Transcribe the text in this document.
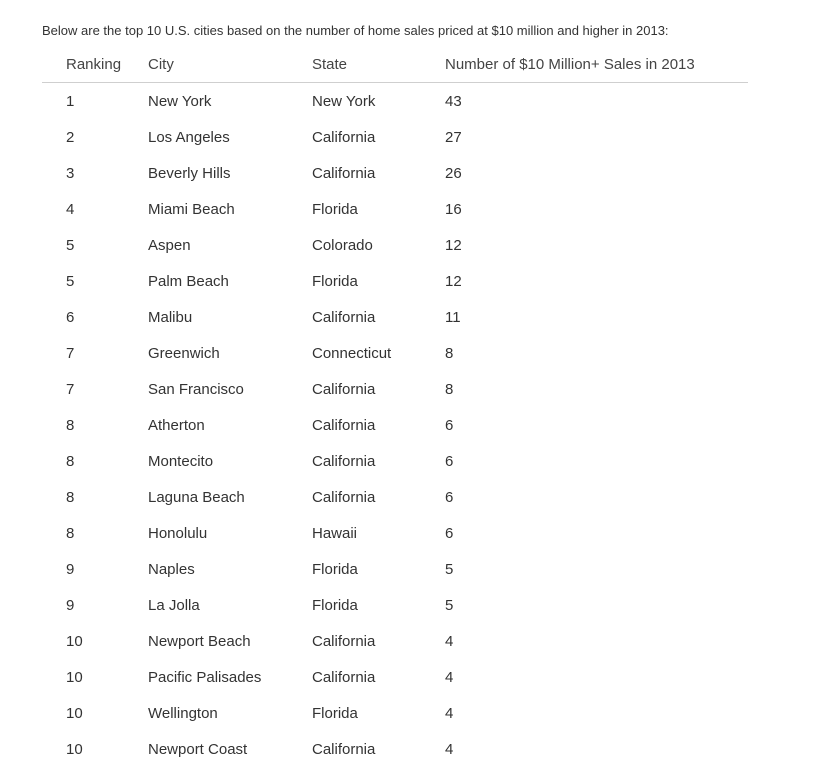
Below are the top 10 U.S. cities based on the number of home sales priced at $10 million and higher in 2013:

Ranking	City	State	Number of $10 Million+ Sales in 2013
1	New York	New York	43
2	Los Angeles	California	27
3	Beverly Hills	California	26
4	Miami Beach	Florida	16
5	Aspen	Colorado	12
5	Palm Beach	Florida	12
6	Malibu	California	11
7	Greenwich	Connecticut	8
7	San Francisco	California	8
8	Atherton	California	6
8	Montecito	California	6
8	Laguna Beach	California	6
8	Honolulu	Hawaii	6
9	Naples	Florida	5
9	La Jolla	Florida	5
10	Newport Beach	California	4
10	Pacific Palisades	California	4
10	Wellington	Florida	4
10	Newport Coast	California	4
